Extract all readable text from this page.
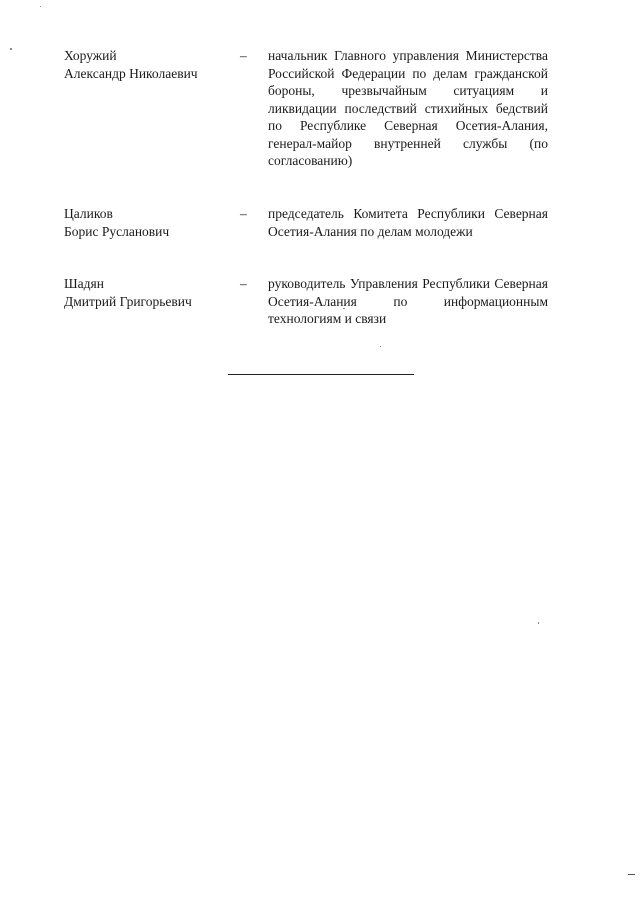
Хоружий
Александр Николаевич
– начальник Главного управления Министерства Российской Федерации по делам гражданской бороны, чрезвычайным ситуациям и ликвидации последствий стихийных бедствий по Республике Северная Осетия-Алания, генерал-майор внутренней службы (по согласованию)
Цаликов
Борис Русланович
– председатель Комитета Республики Северная Осетия-Алания по делам молодежи
Шадян
Дмитрий Григорьевич
– руководитель Управления Республики Северная Осетия-Алания по информационным технологиям и связи
